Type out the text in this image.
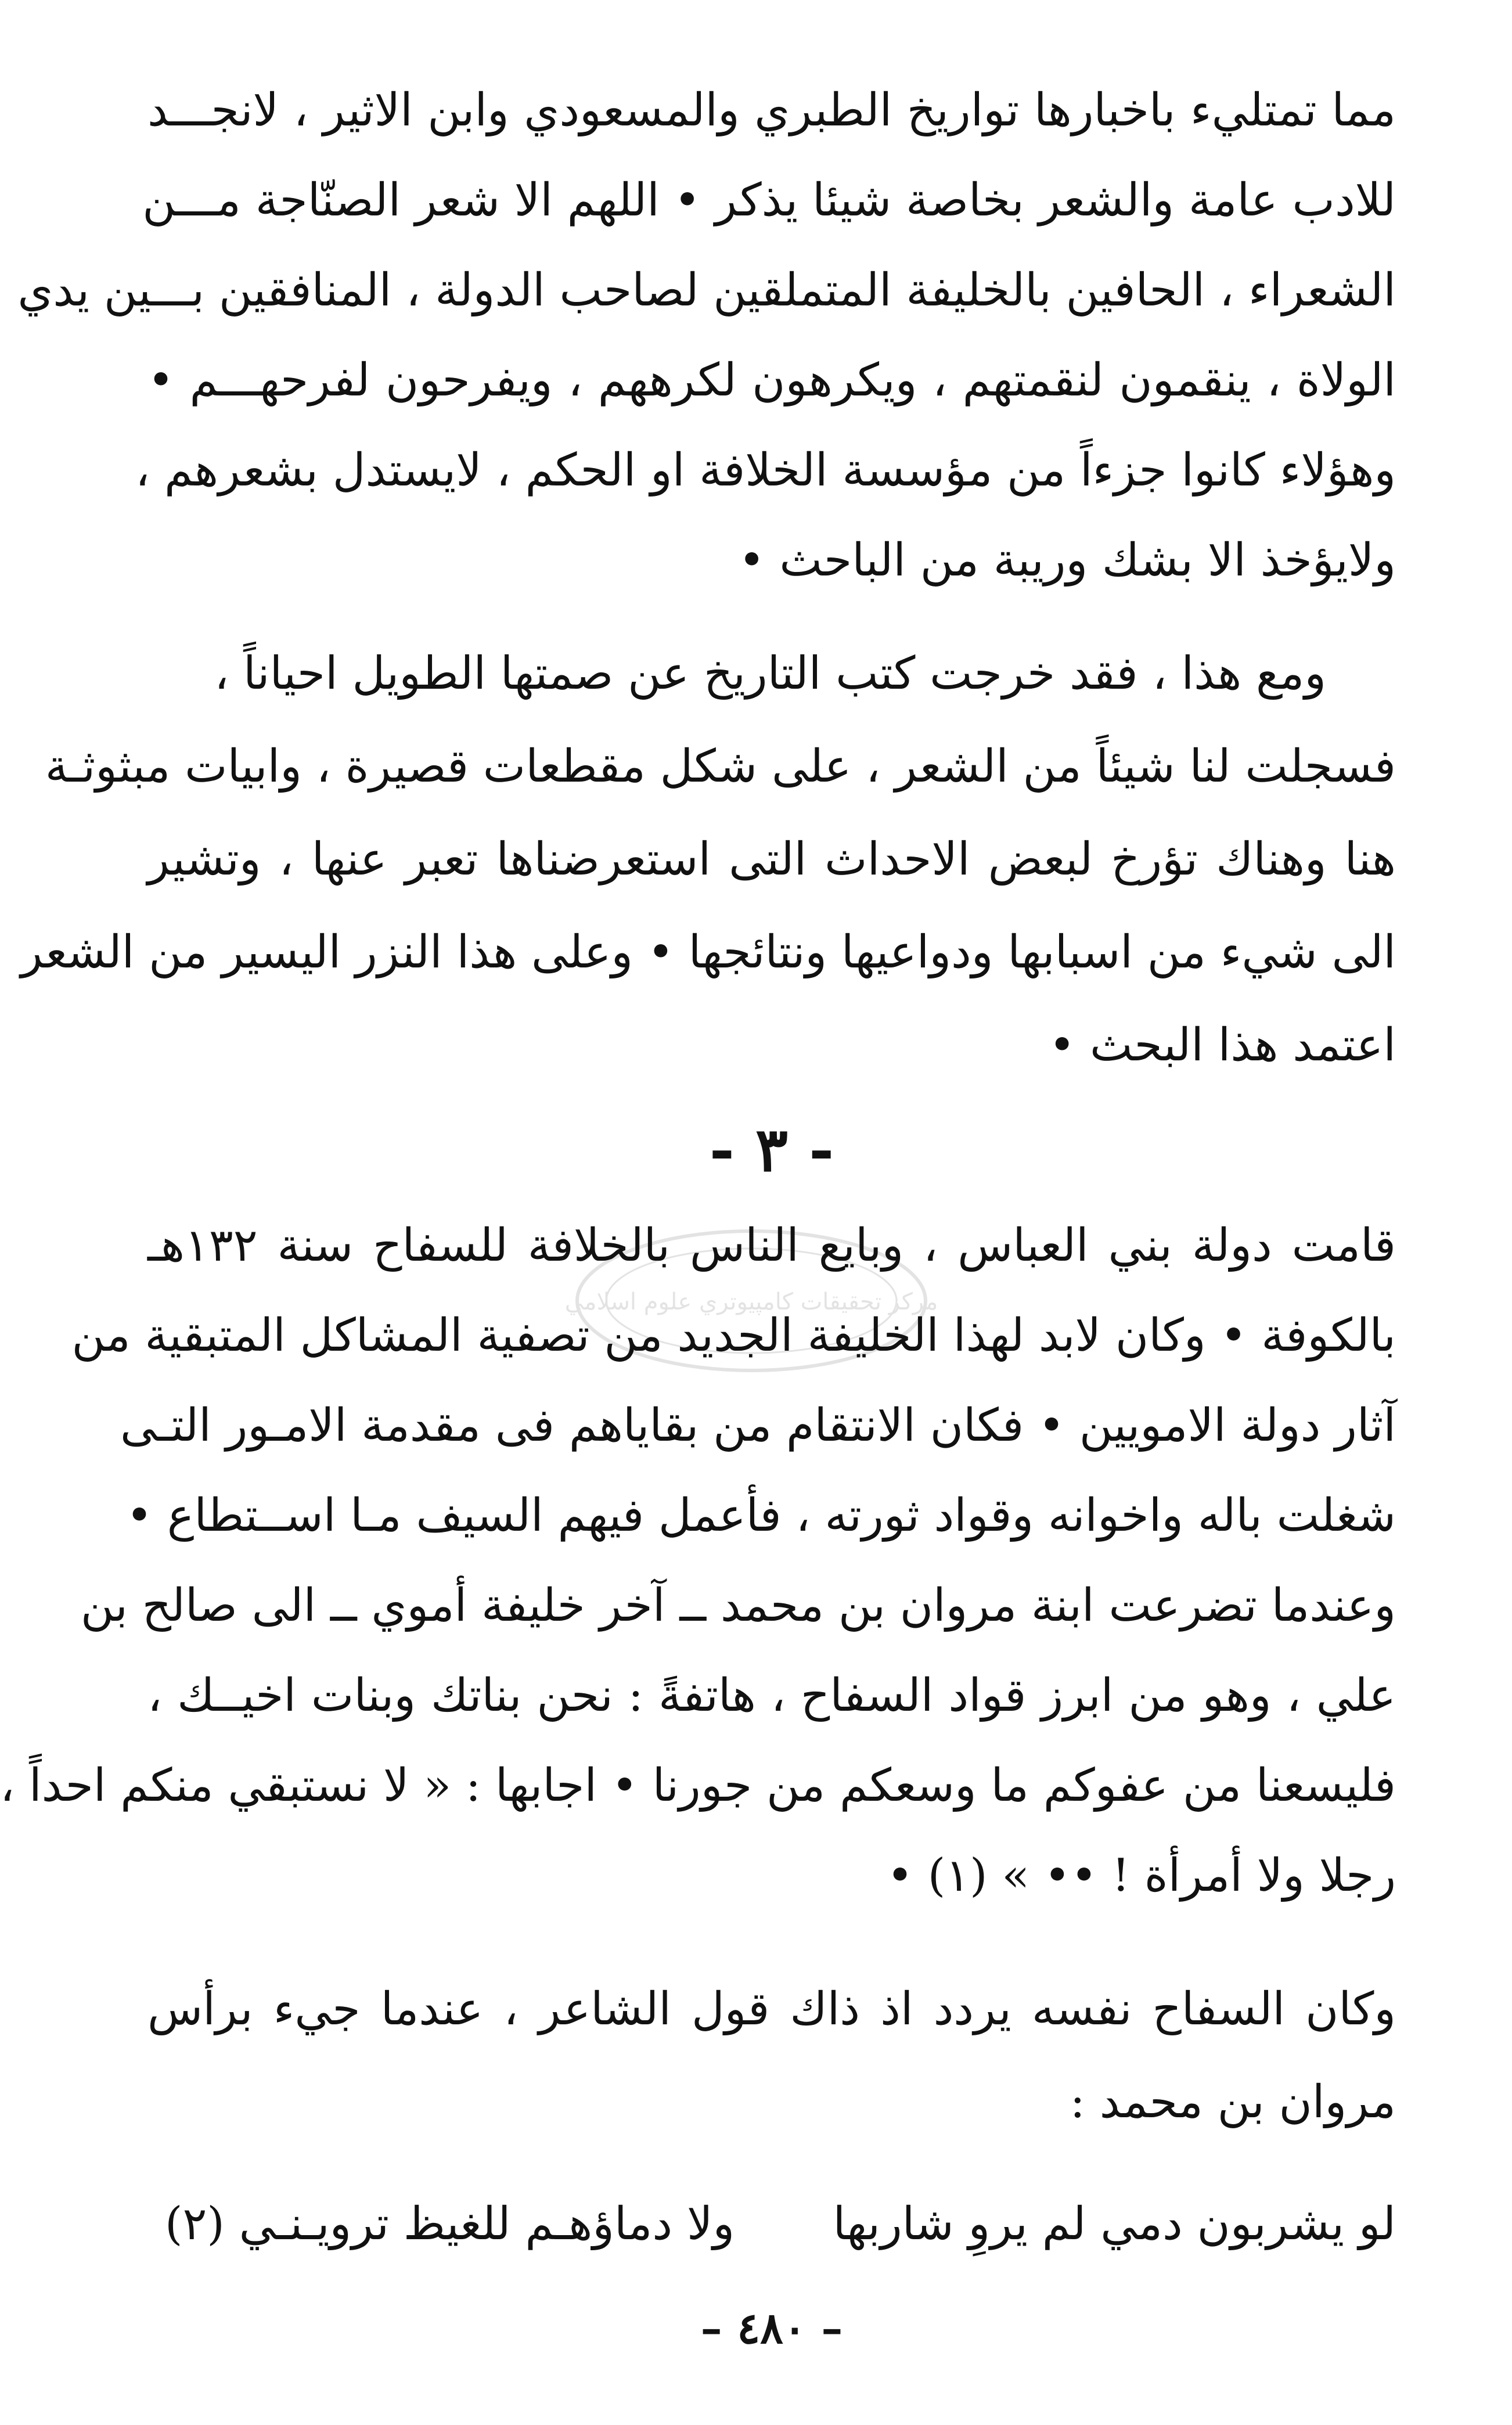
مركز تحقيقات كامپيوتري علوم اسلامي
مما تمتليء باخبارها تواريخ الطبري والمسعودي وابن الاثير ، لانجـــد
للادب عامة والشعر بخاصة شيئا يذكر • اللهم الا شعر الصنّاجة مـــن
الشعراء ، الحافين بالخليفة المتملقين لصاحب الدولة ، المنافقين بـــين يدي
الولاة ، ينقمون لنقمتهم ، ويكرهون لكرههم ، ويفرحون لفرحهـــم •
وهؤلاء كانوا جزءاً من مؤسسة الخلافة او الحكم ، لايستدل بشعرهم ،
ولايؤخذ الا بشك وريبة من الباحث •
ومع هذا ، فقد خرجت كتب التاريخ عن صمتها الطويل احياناً ،
فسجلت لنا شيئاً من الشعر ، على شكل مقطعات قصيرة ، وابيات مبثوثـة
هنا وهناك تؤرخ لبعض الاحداث التى استعرضناها تعبر عنها ، وتشير
الى شيء من اسبابها ودواعيها ونتائجها • وعلى هذا النزر اليسير من الشعر
اعتمد هذا البحث •
- ٣ -
قامت دولة بني العباس ، وبايع الناس بالخلافة للسفاح سنة ١٣٢هـ
بالكوفة • وكان لابد لهذا الخليفة الجديد من تصفية المشاكل المتبقية من
آثار دولة الامويين • فكان الانتقام من بقاياهم فى مقدمة الامـور التـى
شغلت باله واخوانه وقواد ثورته ، فأعمل فيهم السيف مـا اســتطاع •
وعندما تضرعت ابنة مروان بن محمد ــ آخر خليفة أموي ــ الى صالح بن
علي ، وهو من ابرز قواد السفاح ، هاتفةً : نحن بناتك وبنات اخيــك ،
فليسعنا من عفوكم ما وسعكم من جورنا • اجابها : « لا نستبقي منكم احداً ،
رجلا ولا أمرأة ! •• » (١) •
وكان السفاح نفسه يردد اذ ذاك قول الشاعر ، عندما جيء برأس
مروان بن محمد :
لو يشربون دمي لم يروِ شاربها
ولا دماؤهـم للغيظ ترويـنـي (٢)
– ٤٨٠ –
